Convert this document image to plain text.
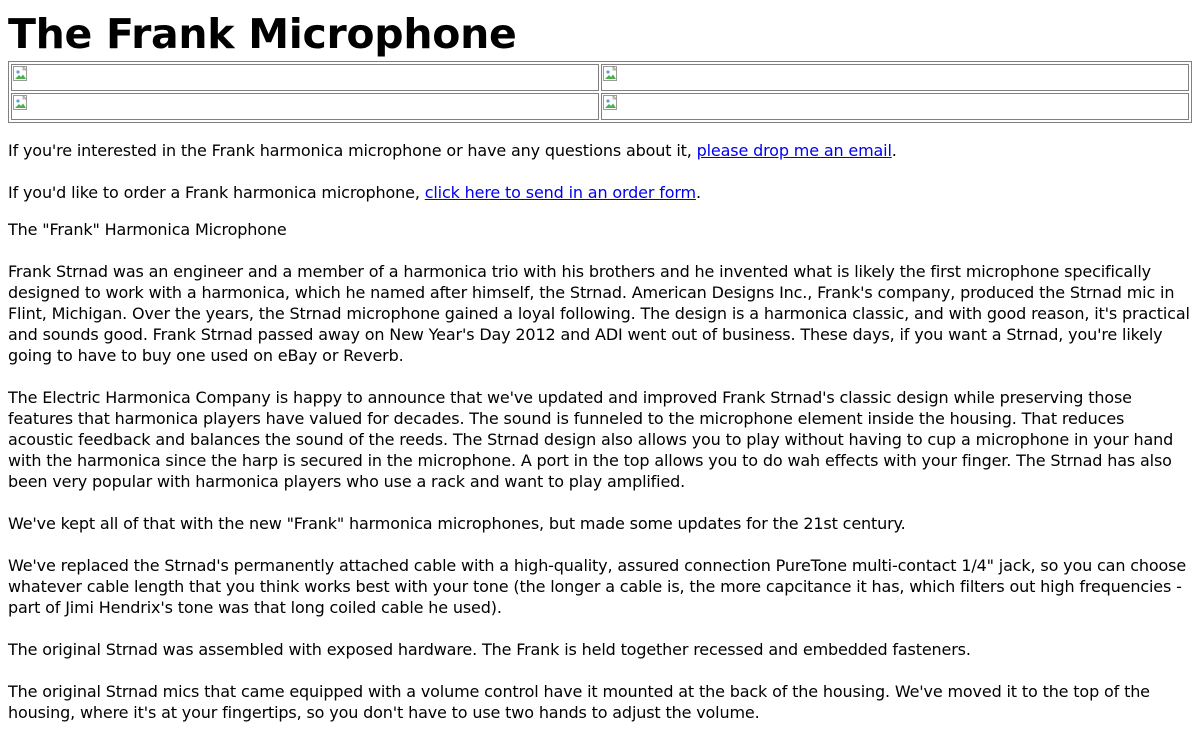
The Frank Microphone

If you're interested in the Frank harmonica microphone or have any questions about it, please drop me an email.

If you'd like to order a Frank harmonica microphone, click here to send in an order form.

The "Frank" Harmonica Microphone

Frank Strnad was an engineer and a member of a harmonica trio with his brothers and he invented what is likely the first microphone specifically designed to work with a harmonica, which he named after himself, the Strnad. American Designs Inc., Frank's company, produced the Strnad mic in Flint, Michigan. Over the years, the Strnad microphone gained a loyal following. The design is a harmonica classic, and with good reason, it's practical and sounds good. Frank Strnad passed away on New Year's Day 2012 and ADI went out of business. These days, if you want a Strnad, you're likely going to have to buy one used on eBay or Reverb.

The Electric Harmonica Company is happy to announce that we've updated and improved Frank Strnad's classic design while preserving those features that harmonica players have valued for decades. The sound is funneled to the microphone element inside the housing. That reduces acoustic feedback and balances the sound of the reeds. The Strnad design also allows you to play without having to cup a microphone in your hand with the harmonica since the harp is secured in the microphone. A port in the top allows you to do wah effects with your finger. The Strnad has also been very popular with harmonica players who use a rack and want to play amplified.

We've kept all of that with the new "Frank" harmonica microphones, but made some updates for the 21st century.

We've replaced the Strnad's permanently attached cable with a high-quality, assured connection PureTone multi-contact 1/4" jack, so you can choose whatever cable length that you think works best with your tone (the longer a cable is, the more capcitance it has, which filters out high frequencies - part of Jimi Hendrix's tone was that long coiled cable he used).

The original Strnad was assembled with exposed hardware. The Frank is held together recessed and embedded fasteners.

The original Strnad mics that came equipped with a volume control have it mounted at the back of the housing. We've moved it to the top of the housing, where it's at your fingertips, so you don't have to use two hands to adjust the volume.
